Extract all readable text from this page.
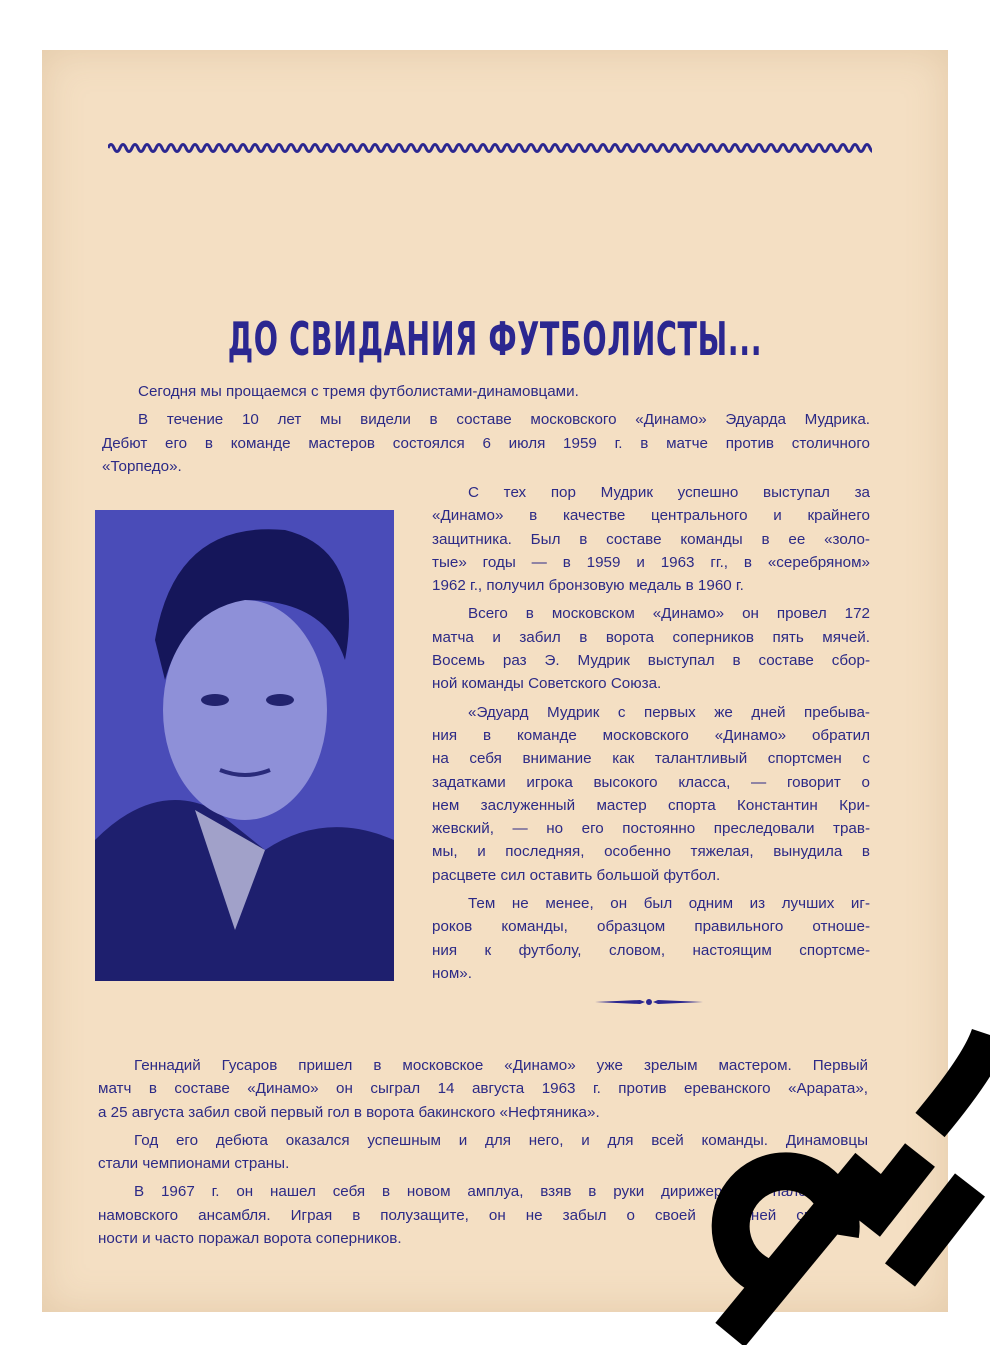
ДО СВИДАНИЯ ФУТБОЛИСТЫ...
Сегодня мы прощаемся с тремя футболистами-динамовцами.
В течение 10 лет мы видели в составе московского «Динамо» Эдуарда Мудрика.
Дебют его в команде мастеров состоялся 6 июля 1959 г. в матче против столичного
«Торпедо».
С тех пор Мудрик успешно выступал за
«Динамо» в качестве центрального и крайнего
защитника. Был в составе команды в ее «золо-
тые» годы — в 1959 и 1963 гг., в «серебряном»
1962 г., получил бронзовую медаль в 1960 г.
Всего в московском «Динамо» он провел 172
матча и забил в ворота соперников пять мячей.
Восемь раз Э. Мудрик выступал в составе сбор-
ной команды Советского Союза.
«Эдуард Мудрик с первых же дней пребыва-
ния в команде московского «Динамо» обратил
на себя внимание как талантливый спортсмен с
задатками игрока высокого класса, — говорит о
нем заслуженный мастер спорта Константин Кри-
жевский, — но его постоянно преследовали трав-
мы, и последняя, особенно тяжелая, вынудила в
расцвете сил оставить большой футбол.
Тем не менее, он был одним из лучших иг-
роков команды, образцом правильного отноше-
ния к футболу, словом, настоящим спортсме-
ном».
Геннадий Гусаров пришел в московское «Динамо» уже зрелым мастером. Первый
матч в составе «Динамо» он сыграл 14 августа 1963 г. против ереванского «Арарата»,
а 25 августа забил свой первый гол в ворота бакинского «Нефтяника».
Год его дебюта оказался успешным и для него, и для всей команды. Динамовцы
стали чемпионами страны.
В 1967 г. он нашел себя в новом амплуа, взяв в руки дирижерскую палочку ди-
намовского ансамбля. Играя в полузащите, он не забыл о своей прежней специаль-
ности и часто поражал ворота соперников.
